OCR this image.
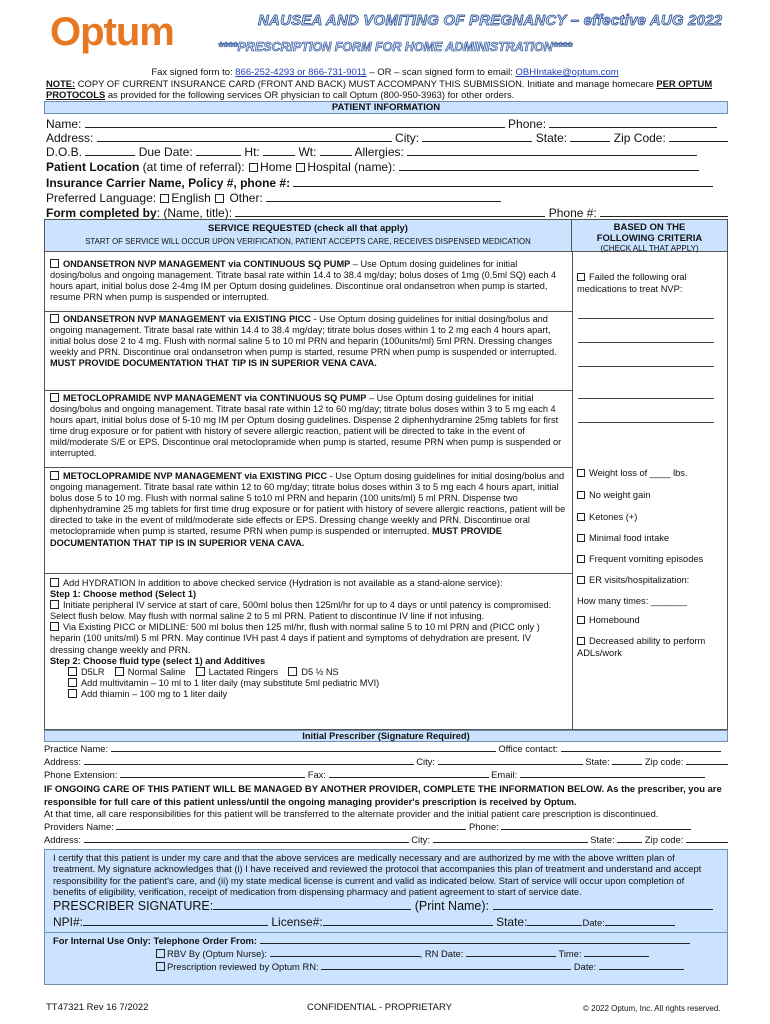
Optum	NAUSEA AND VOMITING OF PREGNANCY – effective AUG 2022
****PRESCRIPTION FORM FOR HOME ADMINISTRATION****
Fax signed form to: 866-252-4293 or 866-731-9011 – OR – scan signed form to email: OBHIntake@optum.com
NOTE: COPY OF CURRENT INSURANCE CARD (FRONT AND BACK) MUST ACCOMPANY THIS SUBMISSION. Initiate and manage homecare PER OPTUM PROTOCOLS as provided for the following services OR physician to call Optum (800-950-3963) for other orders.
PATIENT INFORMATION
Name:	Phone:
Address:	City:	State:	Zip Code:
D.O.B.	Due Date:	Ht:	Wt:	Allergies:
Patient Location (at time of referral): Home Hospital (name):
Insurance Carrier Name, Policy #, phone #:
Preferred Language: English Other:
Form completed by: (Name, title):	Phone #:
SERVICE REQUESTED (check all that apply)
START OF SERVICE WILL OCCUR UPON VERIFICATION, PATIENT ACCEPTS CARE, RECEIVES DISPENSED MEDICATION
BASED ON THE FOLLOWING CRITERIA
(CHECK ALL THAT APPLY)
ONDANSETRON NVP MANAGEMENT via CONTINUOUS SQ PUMP – Use Optum dosing guidelines for initial dosing/bolus and ongoing management. Titrate basal rate within 14.4 to 38.4 mg/day; bolus doses of 1mg (0.5ml SQ) each 4 hours apart, initial bolus dose 2-4mg IM per Optum dosing guidelines. Discontinue oral ondansetron when pump is started, resume PRN when pump is suspended or interrupted.
ONDANSETRON NVP MANAGEMENT via EXISTING PICC - Use Optum dosing guidelines for initial dosing/bolus and ongoing management. Titrate basal rate within 14.4 to 38.4 mg/day; titrate bolus doses within 1 to 2 mg each 4 hours apart, initial bolus dose 2 to 4 mg. Flush with normal saline 5 to 10 ml PRN and heparin (100units/ml) 5ml PRN. Dressing changes weekly and PRN. Discontinue oral ondansetron when pump is started, resume PRN when pump is suspended or interrupted. MUST PROVIDE DOCUMENTATION THAT TIP IS IN SUPERIOR VENA CAVA.
METOCLOPRAMIDE NVP MANAGEMENT via CONTINUOUS SQ PUMP – Use Optum dosing guidelines for initial dosing/bolus and ongoing management. Titrate basal rate within 12 to 60 mg/day; titrate bolus doses within 3 to 5 mg each 4 hours apart, initial bolus dose of 5-10 mg IM per Optum dosing guidelines. Dispense 2 diphenhydramine 25mg tablets for first time drug exposure or for patient with history of severe allergic reaction, patient will be directed to take in the event of mild/moderate S/E or EPS. Discontinue oral metoclopramide when pump is started, resume PRN when pump is suspended or interrupted.
METOCLOPRAMIDE NVP MANAGEMENT via EXISTING PICC - Use Optum dosing guidelines for initial dosing/bolus and ongoing management. Titrate basal rate within 12 to 60 mg/day; titrate bolus doses within 3 to 5 mg each 4 hours apart, initial bolus dose 5 to 10 mg. Flush with normal saline 5 to10 ml PRN and heparin (100 units/ml) 5 ml PRN. Dispense two diphenhydramine 25 mg tablets for first time drug exposure or for patient with history of severe allergic reactions, patient will be directed to take in the event of mild/moderate side effects or EPS. Dressing change weekly and PRN. Discontinue oral metoclopramide when pump is started, resume PRN when pump is suspended or interrupted. MUST PROVIDE DOCUMENTATION THAT TIP IS IN SUPERIOR VENA CAVA.
Add HYDRATION In addition to above checked service (Hydration is not available as a stand-alone service):
Step 1: Choose method (Select 1)
Initiate peripheral IV service at start of care, 500ml bolus then 125ml/hr for up to 4 days or until patency is compromised. Select flush below. May flush with normal saline 2 to 5 ml PRN. Patient to discontinue IV line if not infusing.
Via Existing PICC or MIDLINE: 500 ml bolus then 125 ml/hr, flush with normal saline 5 to 10 ml PRN and (PICC only ) heparin (100 units/ml) 5 ml PRN. May continue IVH past 4 days if patient and symptoms of dehydration are present. IV dressing change weekly and PRN.
Step 2: Choose fluid type (select 1) and Additives
D5LR	Normal Saline	Lactated Ringers	D5 ½ NS
Add multivitamin – 10 ml to 1 liter daily (may substitute 5ml pediatric MVI)
Add thiamin – 100 mg to 1 liter daily
Failed the following oral medications to treat NVP:
Weight loss of ____ lbs.
No weight gain
Ketones (+)
Minimal food intake
Frequent vomiting episodes
ER visits/hospitalization:
How many times: _______
Homebound
Decreased ability to perform ADLs/work
Initial Prescriber (Signature Required)
Practice Name:	Office contact:
Address:	City:	State:	Zip code:
Phone Extension:	Fax:	Email:
IF ONGOING CARE OF THIS PATIENT WILL BE MANAGED BY ANOTHER PROVIDER, COMPLETE THE INFORMATION BELOW. As the prescriber, you are responsible for full care of this patient unless/until the ongoing managing provider's prescription is received by Optum.
At that time, all care responsibilities for this patient will be transferred to the alternate provider and the initial patient care prescription is discontinued.
Providers Name:	Phone:
Address:	City:	State:	Zip code:
I certify that this patient is under my care and that the above services are medically necessary and are authorized by me with the above written plan of treatment. My signature acknowledges that (i) I have received and reviewed the protocol that accompanies this plan of treatment and understand and accept responsibility for the patient's care, and (ii) my state medical license is current and valid as indicated below. Start of service will occur upon completion of benefits of eligibility, verification, receipt of medication from dispensing pharmacy and patient agreement to start of service date.
PRESCRIBER SIGNATURE:	(Print Name):
NPI#:	License#:	State:	Date:
For Internal Use Only: Telephone Order From:
RBV By (Optum Nurse):	, RN Date:	Time:
Prescription reviewed by Optum RN:	Date:
TT47321 Rev 16 7/2022	CONFIDENTIAL - PROPRIETARY	© 2022 Optum, Inc. All rights reserved.
